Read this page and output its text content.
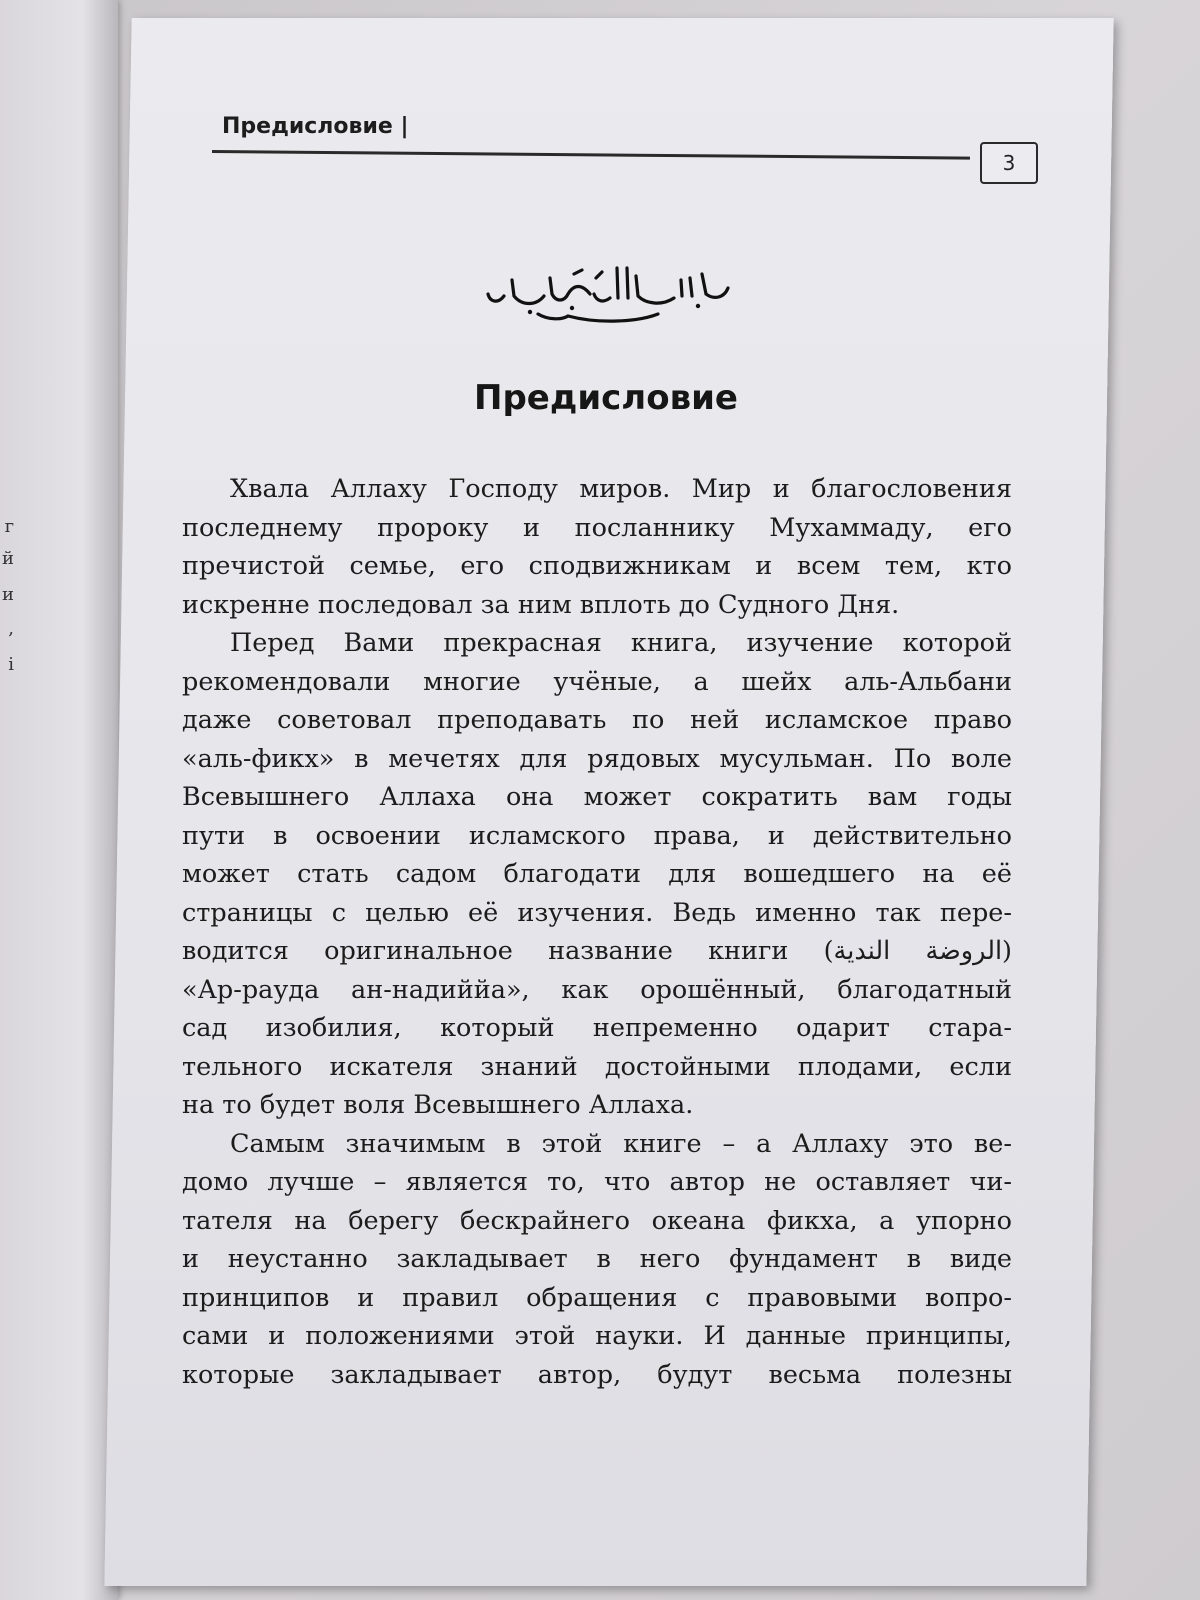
г
й
и
,
і
Предисловие |
3
Предисловие
Хвала Аллаху Господу миров. Мир и благословения
последнему пророку и посланнику Мухаммаду, его
пречистой семье, его сподвижникам и всем тем, кто
искренне последовал за ним вплоть до Судного Дня.
Перед Вами прекрасная книга, изучение которой
рекомендовали многие учёные, а шейх аль-Альбани
даже советовал преподавать по ней исламское право
«аль-фикх» в мечетях для рядовых мусульман. По воле
Всевышнего Аллаха она может сократить вам годы
пути в освоении исламского права, и действительно
может стать садом благодати для вошедшего на её
страницы с целью её изучения. Ведь именно так пере-
водится оригинальное название книги (الروضة الندية)
«Ар-рауда ан-надиййа», как орошённый, благодатный
сад изобилия, который непременно одарит стара-
тельного искателя знаний достойными плодами, если
на то будет воля Всевышнего Аллаха.
Самым значимым в этой книге – а Аллаху это ве-
домо лучше – является то, что автор не оставляет чи-
тателя на берегу бескрайнего океана фикха, а упорно
и неустанно закладывает в него фундамент в виде
принципов и правил обращения с правовыми вопро-
сами и положениями этой науки. И данные принципы,
которые закладывает автор, будут весьма полезны
